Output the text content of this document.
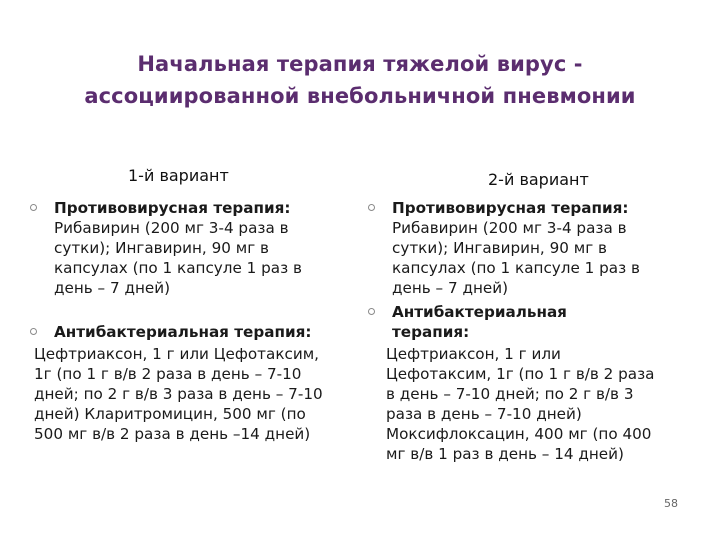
Начальная терапия тяжелой вирус -
ассоциированной внебольничной пневмонии
1-й вариант	2-й вариант
Противовирусная терапия:
Рибавирин (200 мг 3-4 раза в сутки); Ингавирин, 90 мг в капсулах (по 1 капсуле 1 раз в день – 7 дней)
Антибактериальная терапия:
Цефтриаксон, 1 г или Цефотаксим, 1г (по 1 г в/в 2 раза в день – 7-10 дней; по 2 г в/в 3 раза в день – 7-10 дней) Кларитромицин, 500 мг (по 500 мг в/в 2 раза в день –14 дней)
Противовирусная терапия:
Рибавирин (200 мг 3-4 раза в сутки); Ингавирин, 90 мг в капсулах (по 1 капсуле 1 раз в день – 7 дней)
Антибактериальная терапия:
Цефтриаксон, 1 г или Цефотаксим, 1г (по 1 г в/в 2 раза в день – 7-10 дней; по 2 г в/в 3 раза в день – 7-10 дней) Моксифлоксацин, 400 мг (по 400 мг в/в 1 раз в день – 14 дней)
58
